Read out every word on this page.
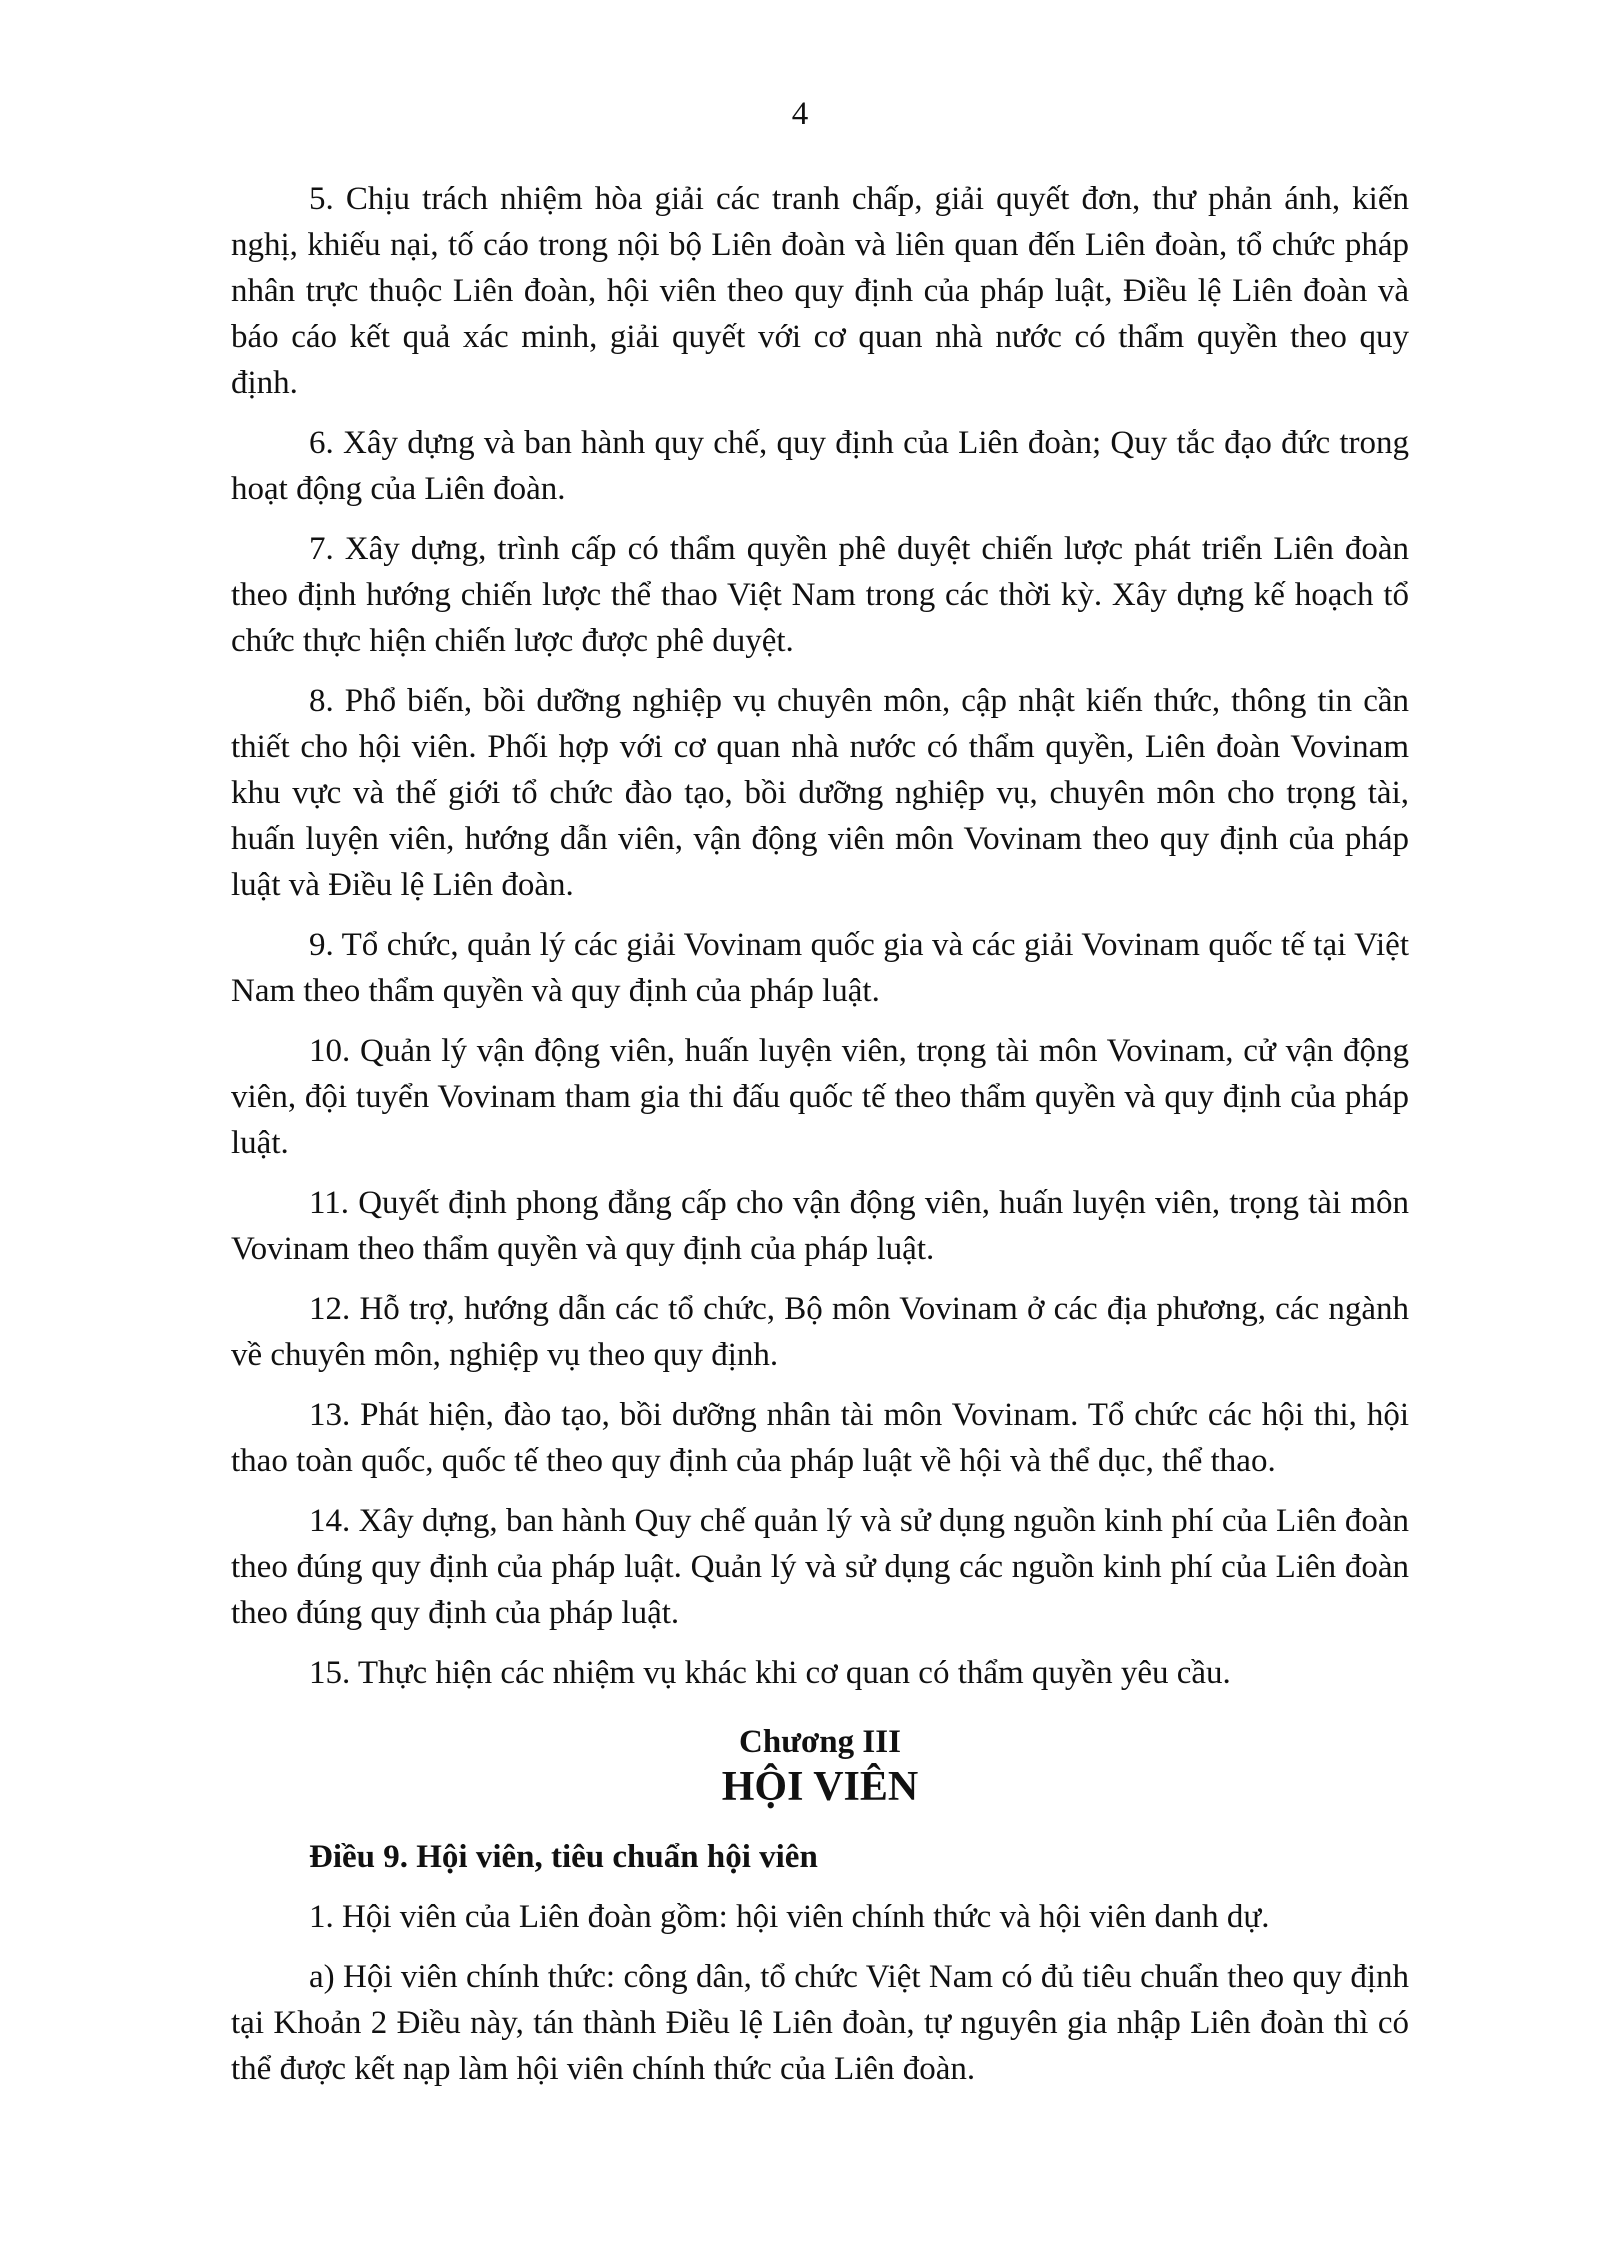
4

5. Chịu trách nhiệm hòa giải các tranh chấp, giải quyết đơn, thư phản ánh, kiến nghị, khiếu nại, tố cáo trong nội bộ Liên đoàn và liên quan đến Liên đoàn, tổ chức pháp nhân trực thuộc Liên đoàn, hội viên theo quy định của pháp luật, Điều lệ Liên đoàn và báo cáo kết quả xác minh, giải quyết với cơ quan nhà nước có thẩm quyền theo quy định.

6. Xây dựng và ban hành quy chế, quy định của Liên đoàn; Quy tắc đạo đức trong hoạt động của Liên đoàn.

7. Xây dựng, trình cấp có thẩm quyền phê duyệt chiến lược phát triển Liên đoàn theo định hướng chiến lược thể thao Việt Nam trong các thời kỳ. Xây dựng kế hoạch tổ chức thực hiện chiến lược được phê duyệt.

8. Phổ biến, bồi dưỡng nghiệp vụ chuyên môn, cập nhật kiến thức, thông tin cần thiết cho hội viên. Phối hợp với cơ quan nhà nước có thẩm quyền, Liên đoàn Vovinam khu vực và thế giới tổ chức đào tạo, bồi dưỡng nghiệp vụ, chuyên môn cho trọng tài, huấn luyện viên, hướng dẫn viên, vận động viên môn Vovinam theo quy định của pháp luật và Điều lệ Liên đoàn.

9. Tổ chức, quản lý các giải Vovinam quốc gia và các giải Vovinam quốc tế tại Việt Nam theo thẩm quyền và quy định của pháp luật.

10. Quản lý vận động viên, huấn luyện viên, trọng tài môn Vovinam, cử vận động viên, đội tuyển Vovinam tham gia thi đấu quốc tế theo thẩm quyền và quy định của pháp luật.

11. Quyết định phong đẳng cấp cho vận động viên, huấn luyện viên, trọng tài môn Vovinam theo thẩm quyền và quy định của pháp luật.

12. Hỗ trợ, hướng dẫn các tổ chức, Bộ môn Vovinam ở các địa phương, các ngành về chuyên môn, nghiệp vụ theo quy định.

13. Phát hiện, đào tạo, bồi dưỡng nhân tài môn Vovinam. Tổ chức các hội thi, hội thao toàn quốc, quốc tế theo quy định của pháp luật về hội và thể dục, thể thao.

14. Xây dựng, ban hành Quy chế quản lý và sử dụng nguồn kinh phí của Liên đoàn theo đúng quy định của pháp luật. Quản lý và sử dụng các nguồn kinh phí của Liên đoàn theo đúng quy định của pháp luật.

15. Thực hiện các nhiệm vụ khác khi cơ quan có thẩm quyền yêu cầu.

Chương III
HỘI VIÊN

Điều 9. Hội viên, tiêu chuẩn hội viên

1. Hội viên của Liên đoàn gồm: hội viên chính thức và hội viên danh dự.

a) Hội viên chính thức: công dân, tổ chức Việt Nam có đủ tiêu chuẩn theo quy định tại Khoản 2 Điều này, tán thành Điều lệ Liên đoàn, tự nguyên gia nhập Liên đoàn thì có thể được kết nạp làm hội viên chính thức của Liên đoàn.
